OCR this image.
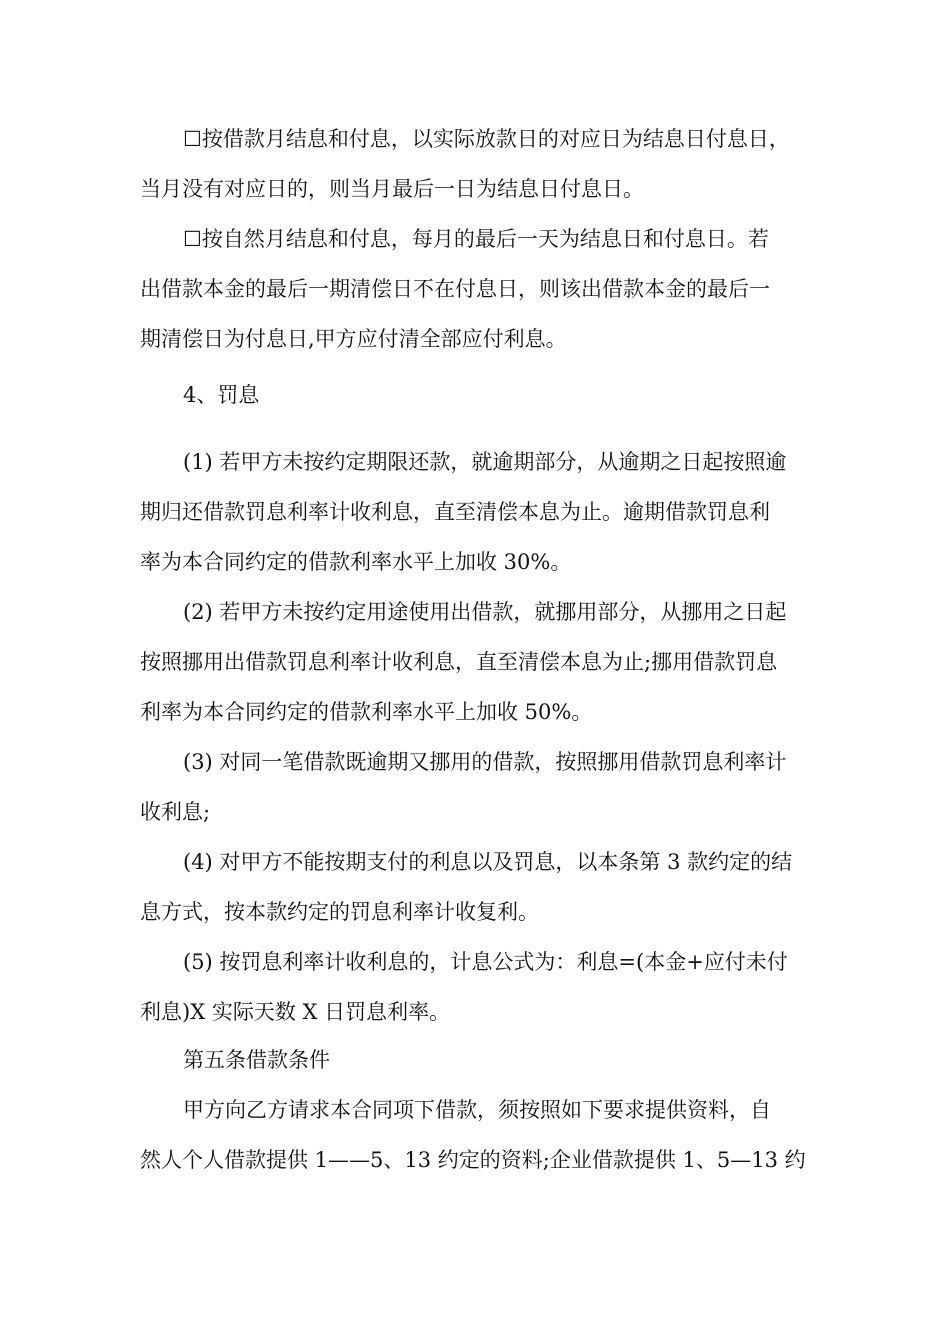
☐按借款月结息和付息，以实际放款日的对应日为结息日付息日，
当月没有对应日的，则当月最后一日为结息日付息日。
☐按自然月结息和付息，每月的最后一天为结息日和付息日。若
出借款本金的最后一期清偿日不在付息日，则该出借款本金的最后一
期清偿日为付息日,甲方应付清全部应付利息。
4、罚息
(1) 若甲方未按约定期限还款，就逾期部分，从逾期之日起按照逾
期归还借款罚息利率计收利息，直至清偿本息为止。逾期借款罚息利
率为本合同约定的借款利率水平上加收 30%。
(2) 若甲方未按约定用途使用出借款，就挪用部分，从挪用之日起
按照挪用出借款罚息利率计收利息，直至清偿本息为止;挪用借款罚息
利率为本合同约定的借款利率水平上加收 50%。
(3) 对同一笔借款既逾期又挪用的借款，按照挪用借款罚息利率计
收利息;
(4) 对甲方不能按期支付的利息以及罚息，以本条第 3 款约定的结
息方式，按本款约定的罚息利率计收复利。
(5) 按罚息利率计收利息的，计息公式为：利息=(本金+应付未付
利息)X 实际天数 X 日罚息利率。
第五条借款条件
甲方向乙方请求本合同项下借款，须按照如下要求提供资料，自
然人个人借款提供 1——5、13 约定的资料;企业借款提供 1、5—13 约
